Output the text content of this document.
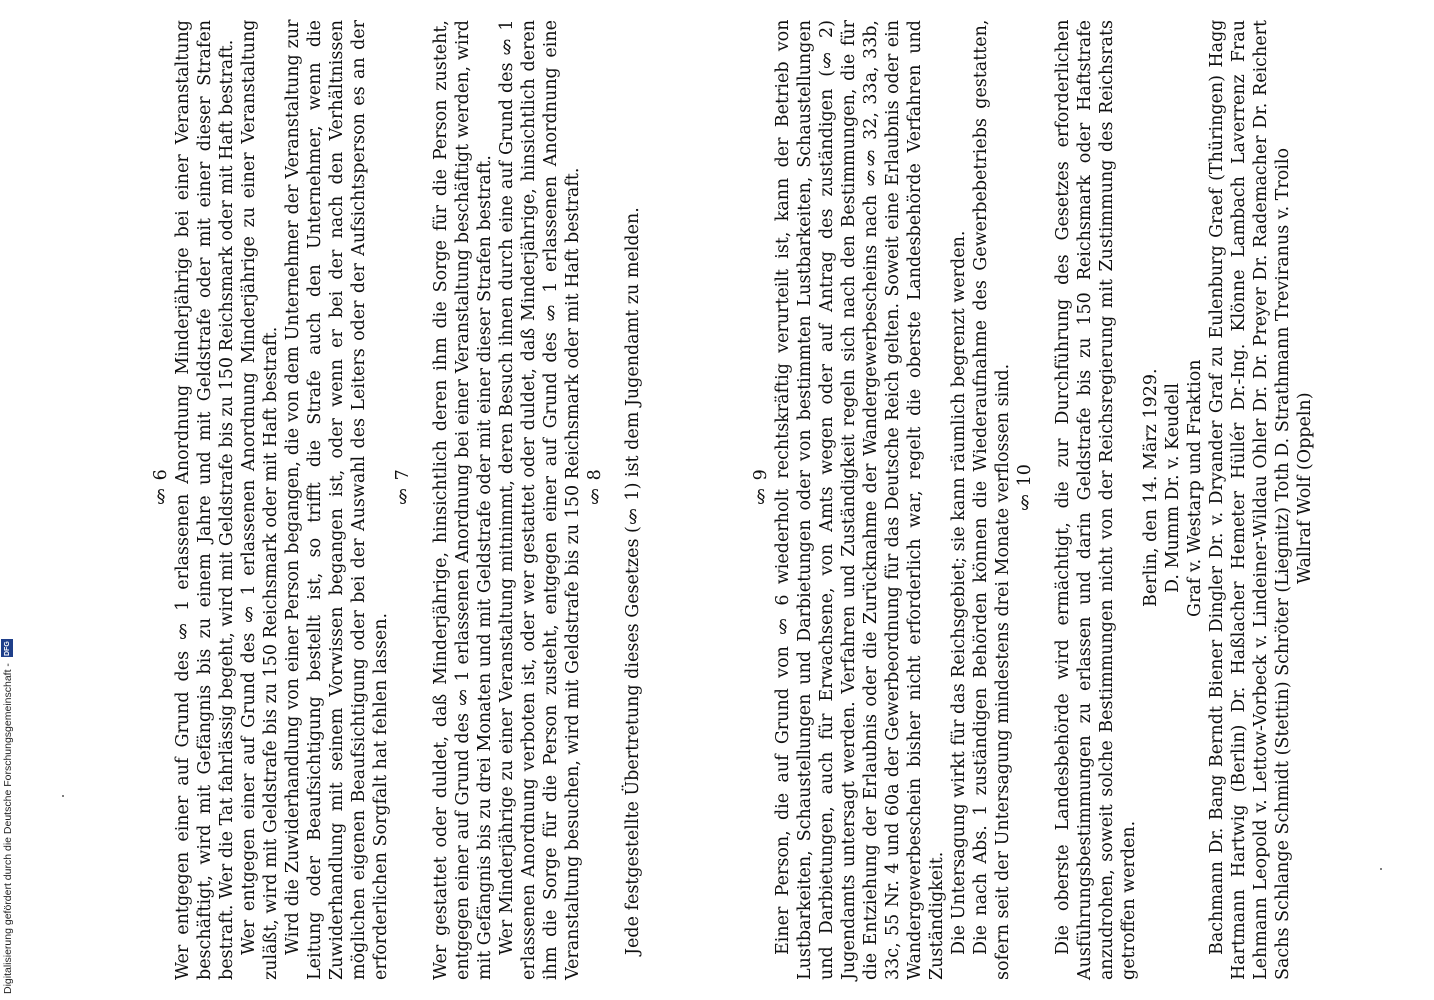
§ 6 Wer entgegen einer auf Grund des § 1 erlassenen Anordnung Minderjährige bei einer Veranstaltung beschäftigt, wird mit Gefängnis bis zu einem Jahre und mit Geldstrafe oder mit einer dieser Strafen bestraft. Wer die Tat fahrlässig begeht, wird mit Geldstrafe bis zu 150 Reichsmark oder mit Haft bestraft. Wer entgegen einer auf Grund des § 1 erlassenen Anordnung Minderjährige zu einer Veranstaltung zuläßt, wird mit Geldstrafe bis zu 150 Reichsmark oder mit Haft bestraft. Wird die Zuwiderhandlung von einer Person begangen, die von dem Unternehmer der Veranstaltung zur Leitung oder Beaufsichtigung bestellt ist, so trifft die Strafe auch den Unternehmer, wenn die Zuwiderhandlung mit seinem Vorwissen begangen ist, oder wenn er bei der nach den Verhältnissen möglichen eigenen Beaufsichtigung oder bei der Auswahl des Leiters oder der Aufsichtsperson es an der erforderlichen Sorgfalt hat fehlen lassen.

§ 7 Wer gestattet oder duldet, daß Minderjährige, hinsichtlich deren ihm die Sorge für die Person zusteht, entgegen einer auf Grund des § 1 erlassenen Anordnung bei einer Veranstaltung beschäftigt werden, wird mit Gefängnis bis zu drei Monaten und mit Geldstrafe oder mit einer dieser Strafen bestraft. Wer Minderjährige zu einer Veranstaltung mitnimmt, deren Besuch ihnen durch eine auf Grund des § 1 erlassenen Anordnung verboten ist, oder wer gestattet oder duldet, daß Minderjährige, hinsichtlich deren ihm die Sorge für die Person zusteht, entgegen einer auf Grund des § 1 erlassenen Anordnung eine Veranstaltung besuchen, wird mit Geldstrafe bis zu 150 Reichsmark oder mit Haft bestraft. § 8 Jede festgestellte Übertretung dieses Gesetzes (§ 1) ist dem Jugendamt zu melden.	§ 9 Einer Person, die auf Grund von § 6 wiederholt rechtskräftig verurteilt ist, kann der Betrieb von Lustbarkeiten, Schaustellungen und Darbietungen oder von bestimmten Lustbarkeiten, Schaustellungen und Darbietungen, auch für Erwachsene, von Amts wegen oder auf Antrag des zuständigen (§ 2) Jugendamts untersagt werden. Verfahren und Zuständigkeit regeln sich nach den Bestimmungen, die für die Entziehung der Erlaubnis oder die Zurücknahme der Wandergewerbescheins nach §§ 32, 33a, 33b, 33c, 55 Nr. 4 und 60a der Gewerbeordnung für das Deutsche Reich gelten. Soweit eine Erlaubnis oder ein Wandergewerbeschein bisher nicht erforderlich war, regelt die oberste Landesbehörde Verfahren und Zuständigkeit. Die Untersagung wirkt für das Reichsgebiet; sie kann räumlich begrenzt werden. Die nach Abs. 1 zuständigen Behörden können die Wiederaufnahme des Gewerbebetriebs gestatten, sofern seit der Untersagung mindestens drei Monate verflossen sind. § 10 Die oberste Landesbehörde wird ermächtigt, die zur Durchführung des Gesetzes erforderlichen Ausführungsbestimmungen zu erlassen und darin Geldstrafe bis zu 150 Reichsmark oder Haftstrafe anzudrohen, soweit solche Bestimmungen nicht von der Reichsregierung mit Zustimmung des Reichsrats getroffen werden.

Berlin, den 14. März 1929. D. Mumm Dr. v. Keudell Graf v. Westarp und Fraktion Bachmann Dr. Bang Berndt Biener Dingler Dr. v. Dryander Graf zu Eulenburg Graef (Thüringen) Hagg Hartmann Hartwig (Berlin) Dr. Haßlacher Hemeter Hüllér Dr.-Ing. Klönne Lambach Laverrenz Frau Lehmann Leopold v. Lettow-Vorbeck v. Lindeiner-Wildau Ohler Dr. Dr. Preyer Dr. Rademacher Dr. Reichert Sachs Schlange Schmidt (Stettin) Schröter (Liegnitz) Toth D. Strathmann Treviranus v. Troilo Wallraf Wolf (Oppeln)

Digitalisierung gefördert durch die Deutsche Forschungsgemeinschaft - DFG
